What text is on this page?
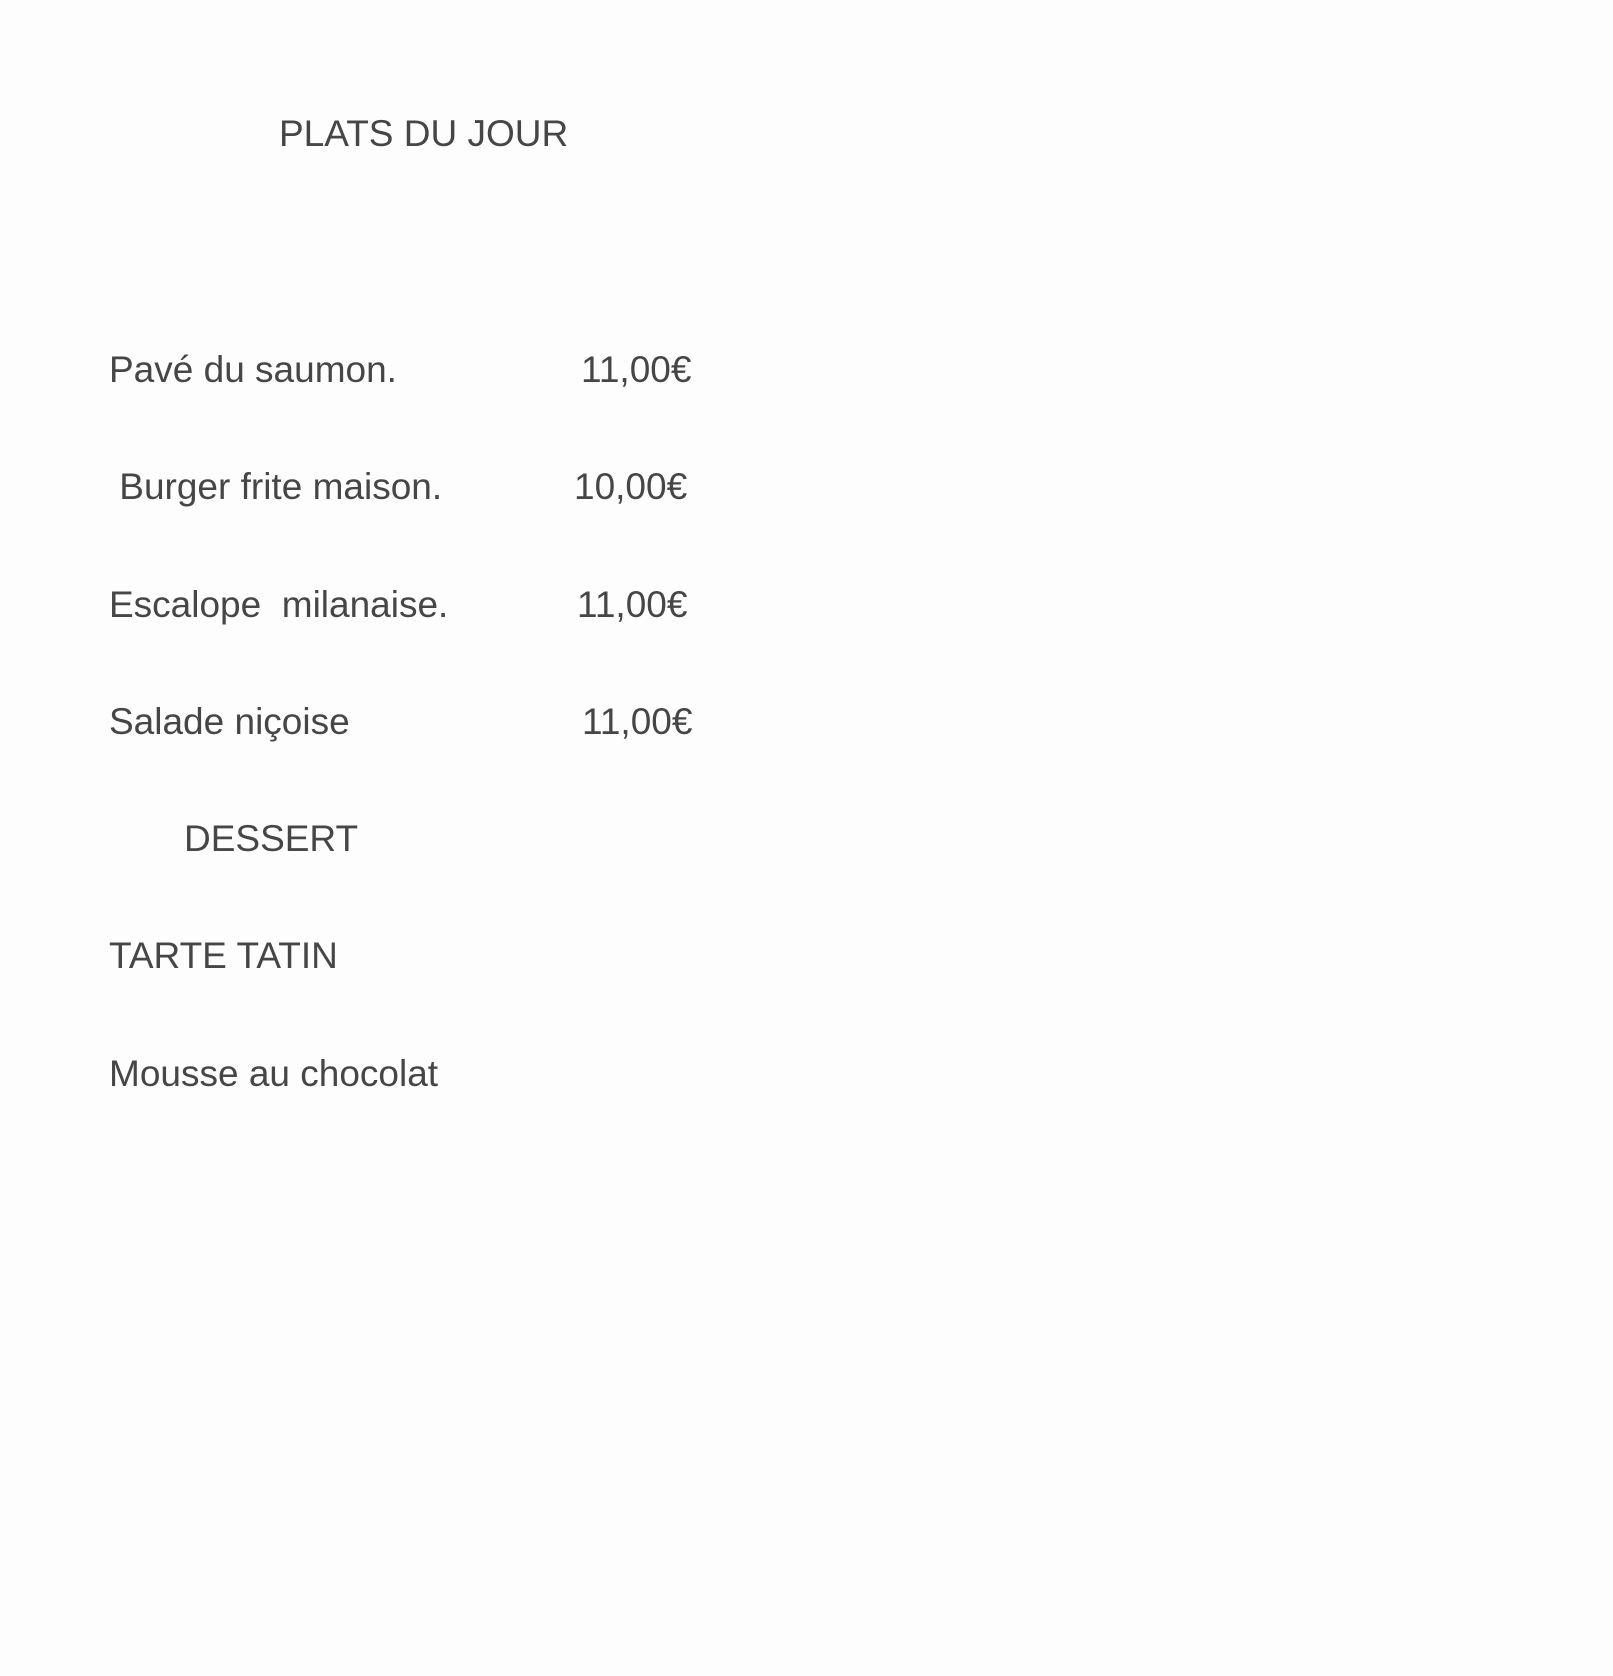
PLATS DU JOUR
Pavé du saumon.	11,00€
Burger frite maison.	10,00€
Escalope  milanaise.	11,00€
Salade niçoise	11,00€
DESSERT
TARTE TATIN
Mousse au chocolat
